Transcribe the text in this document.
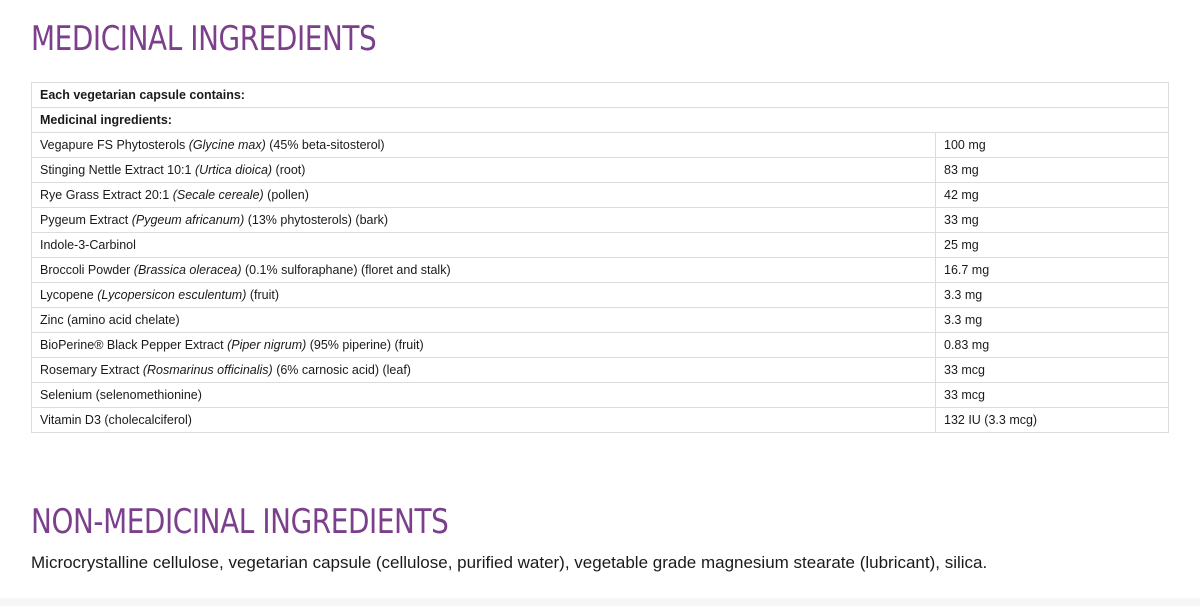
MEDICINAL INGREDIENTS
Each vegetarian capsule contains:	
Medicinal ingredients:	
Vegapure FS Phytosterols (Glycine max) (45% beta-sitosterol)	100 mg
Stinging Nettle Extract 10:1 (Urtica dioica) (root)	83 mg
Rye Grass Extract 20:1 (Secale cereale) (pollen)	42 mg
Pygeum Extract (Pygeum africanum) (13% phytosterols) (bark)	33 mg
Indole-3-Carbinol	25 mg
Broccoli Powder (Brassica oleracea) (0.1% sulforaphane) (floret and stalk)	16.7 mg
Lycopene (Lycopersicon esculentum) (fruit)	3.3 mg
Zinc (amino acid chelate)	3.3 mg
BioPerine® Black Pepper Extract (Piper nigrum) (95% piperine) (fruit)	0.83 mg
Rosemary Extract (Rosmarinus officinalis) (6% carnosic acid) (leaf)	33 mcg
Selenium (selenomethionine)	33 mcg
Vitamin D3 (cholecalciferol)	132 IU (3.3 mcg)
NON-MEDICINAL INGREDIENTS

Microcrystalline cellulose, vegetarian capsule (cellulose, purified water), vegetable grade magnesium stearate (lubricant), silica.
